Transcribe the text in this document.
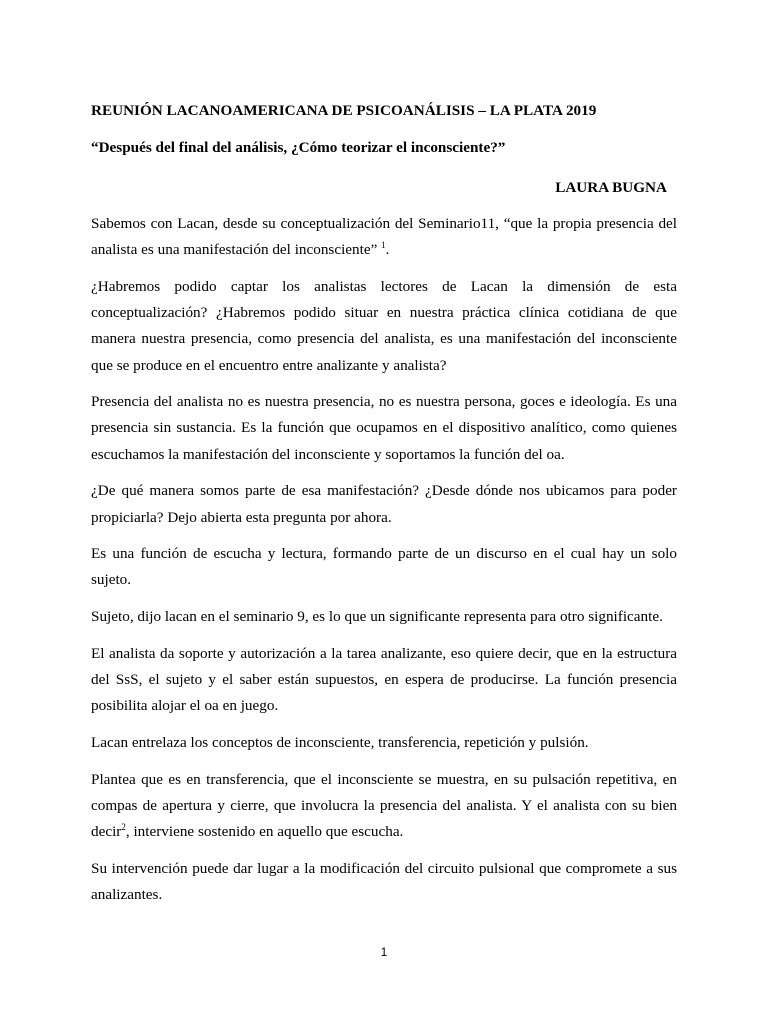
REUNIÓN LACANOAMERICANA DE PSICOANÁLISIS – LA PLATA 2019

“Después del final del análisis, ¿Cómo teorizar el inconsciente?”

LAURA BUGNA

Sabemos con Lacan, desde su conceptualización del Seminario11, “que la propia presencia del analista es una manifestación del inconsciente” $^1$.

¿Habremos podido captar los analistas lectores de Lacan la dimensión de esta conceptualización? ¿Habremos podido situar en nuestra práctica clínica cotidiana de que manera nuestra presencia, como presencia del analista, es una manifestación del inconsciente que se produce en el encuentro entre analizante y analista?

Presencia del analista no es nuestra presencia, no es nuestra persona, goces e ideología. Es una presencia sin sustancia. Es la función que ocupamos en el dispositivo analítico, como quienes escuchamos la manifestación del inconsciente y soportamos la función del oa.

¿De qué manera somos parte de esa manifestación? ¿Desde dónde nos ubicamos para poder propiciarla? Dejo abierta esta pregunta por ahora.

Es una función de escucha y lectura, formando parte de un discurso en el cual hay un solo sujeto.

Sujeto, dijo lacan en el seminario 9, es lo que un significante representa para otro significante.

El analista da soporte y autorización a la tarea analizante, eso quiere decir, que en la estructura del SsS, el sujeto y el saber están supuestos, en espera de producirse. La función presencia posibilita alojar el oa en juego.

Lacan entrelaza los conceptos de inconsciente, transferencia, repetición y pulsión.

Plantea que es en transferencia, que el inconsciente se muestra, en su pulsación repetitiva, en compas de apertura y cierre, que involucra la presencia del analista. Y el analista con su bien decir$^2$, interviene sostenido en aquello que escucha.

Su intervención puede dar lugar a la modificación del circuito pulsional que compromete a sus analizantes.

1
